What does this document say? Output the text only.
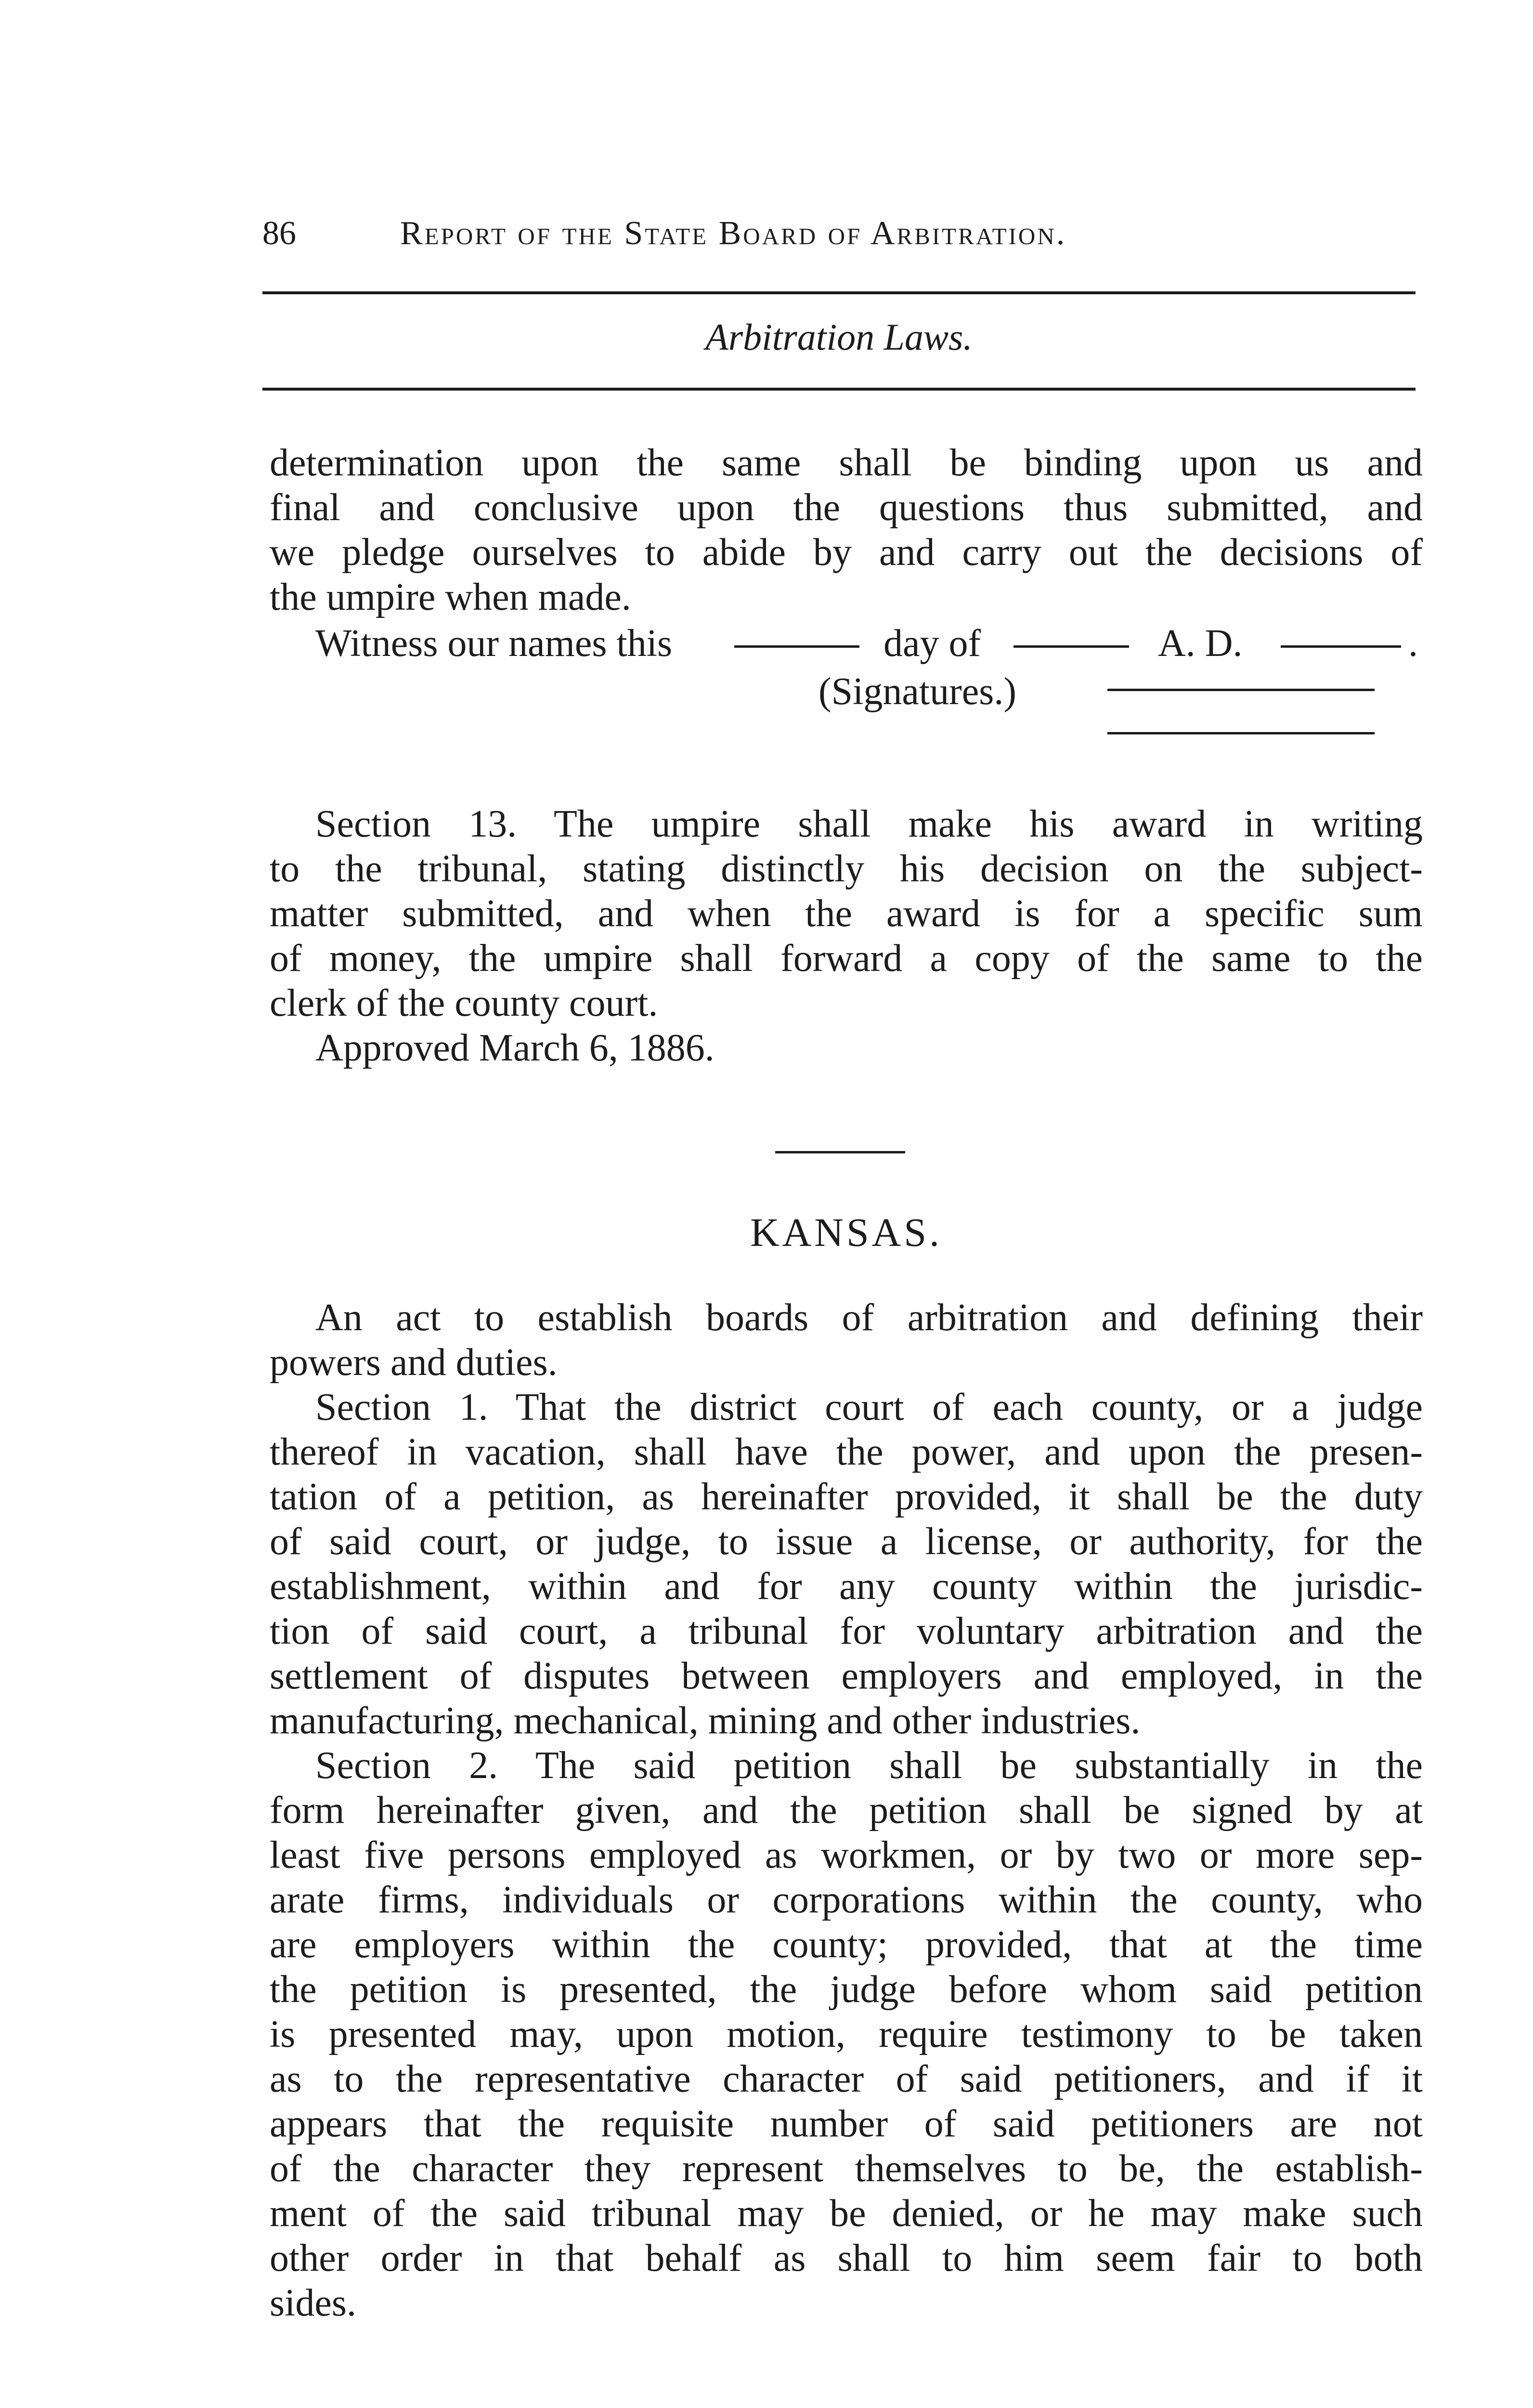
86	Report of the State Board of Arbitration.
Arbitration Laws.
determination upon the same shall be binding upon us and
final and conclusive upon the questions thus submitted, and
we pledge ourselves to abide by and carry out the decisions of
the umpire when made.
Witness our names this	day of	A. D.	.
(Signatures.)
Section 13. The umpire shall make his award in writing
to the tribunal, stating distinctly his decision on the subject-
matter submitted, and when the award is for a specific sum
of money, the umpire shall forward a copy of the same to the
clerk of the county court.
Approved March 6, 1886.
KANSAS.
An act to establish boards of arbitration and defining their
powers and duties.
Section 1. That the district court of each county, or a judge
thereof in vacation, shall have the power, and upon the presen-
tation of a petition, as hereinafter provided, it shall be the duty
of said court, or judge, to issue a license, or authority, for the
establishment, within and for any county within the jurisdic-
tion of said court, a tribunal for voluntary arbitration and the
settlement of disputes between employers and employed, in the
manufacturing, mechanical, mining and other industries.
Section 2. The said petition shall be substantially in the
form hereinafter given, and the petition shall be signed by at
least five persons employed as workmen, or by two or more sep-
arate firms, individuals or corporations within the county, who
are employers within the county; provided, that at the time
the petition is presented, the judge before whom said petition
is presented may, upon motion, require testimony to be taken
as to the representative character of said petitioners, and if it
appears that the requisite number of said petitioners are not
of the character they represent themselves to be, the establish-
ment of the said tribunal may be denied, or he may make such
other order in that behalf as shall to him seem fair to both
sides.
